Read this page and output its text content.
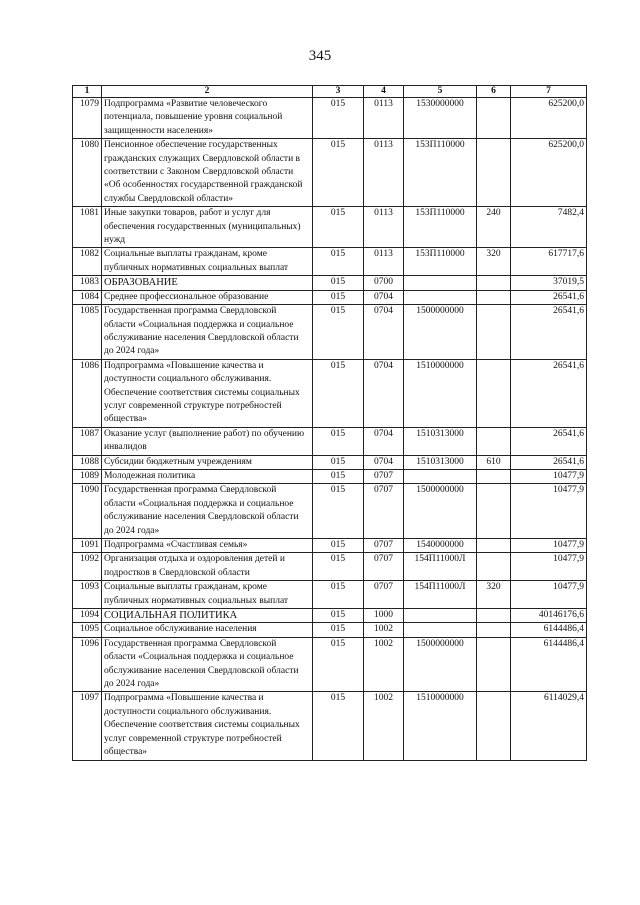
345
1	2	3	4	5	6	7
1079	Подпрограмма «Развитие человеческого потенциала, повышение уровня социальной защищенности населения»	015	0113	1530000000		625200,0
1080	Пенсионное обеспечение государственных гражданских служащих Свердловской области в соответствии с Законом Свердловской области «Об особенностях государственной гражданской службы Свердловской области»	015	0113	153П110000		625200,0
1081	Иные закупки товаров, работ и услуг для обеспечения государственных (муниципальных) нужд	015	0113	153П110000	240	7482,4
1082	Социальные выплаты гражданам, кроме публичных нормативных социальных выплат	015	0113	153П110000	320	617717,6
1083	ОБРАЗОВАНИЕ	015	0700			37019,5
1084	Среднее профессиональное образование	015	0704			26541,6
1085	Государственная программа Свердловской области «Социальная поддержка и социальное обслуживание населения Свердловской области до 2024 года»	015	0704	1500000000		26541,6
1086	Подпрограмма «Повышение качества и доступности социального обслуживания. Обеспечение соответствия системы социальных услуг современной структуре потребностей общества»	015	0704	1510000000		26541,6
1087	Оказание услуг (выполнение работ) по обучению инвалидов	015	0704	1510313000		26541,6
1088	Субсидии бюджетным учреждениям	015	0704	1510313000	610	26541,6
1089	Молодежная политика	015	0707			10477,9
1090	Государственная программа Свердловской области «Социальная поддержка и социальное обслуживание населения Свердловской области до 2024 года»	015	0707	1500000000		10477,9
1091	Подпрограмма «Счастливая семья»	015	0707	1540000000		10477,9
1092	Организация отдыха и оздоровления детей и подростков в Свердловской области	015	0707	154П11000Л		10477,9
1093	Социальные выплаты гражданам, кроме публичных нормативных социальных выплат	015	0707	154П11000Л	320	10477,9
1094	СОЦИАЛЬНАЯ ПОЛИТИКА	015	1000			40146176,6
1095	Социальное обслуживание населения	015	1002			6144486,4
1096	Государственная программа Свердловской области «Социальная поддержка и социальное обслуживание населения Свердловской области до 2024 года»	015	1002	1500000000		6144486,4
1097	Подпрограмма «Повышение качества и доступности социального обслуживания. Обеспечение соответствия системы социальных услуг современной структуре потребностей общества»	015	1002	1510000000		6114029,4
